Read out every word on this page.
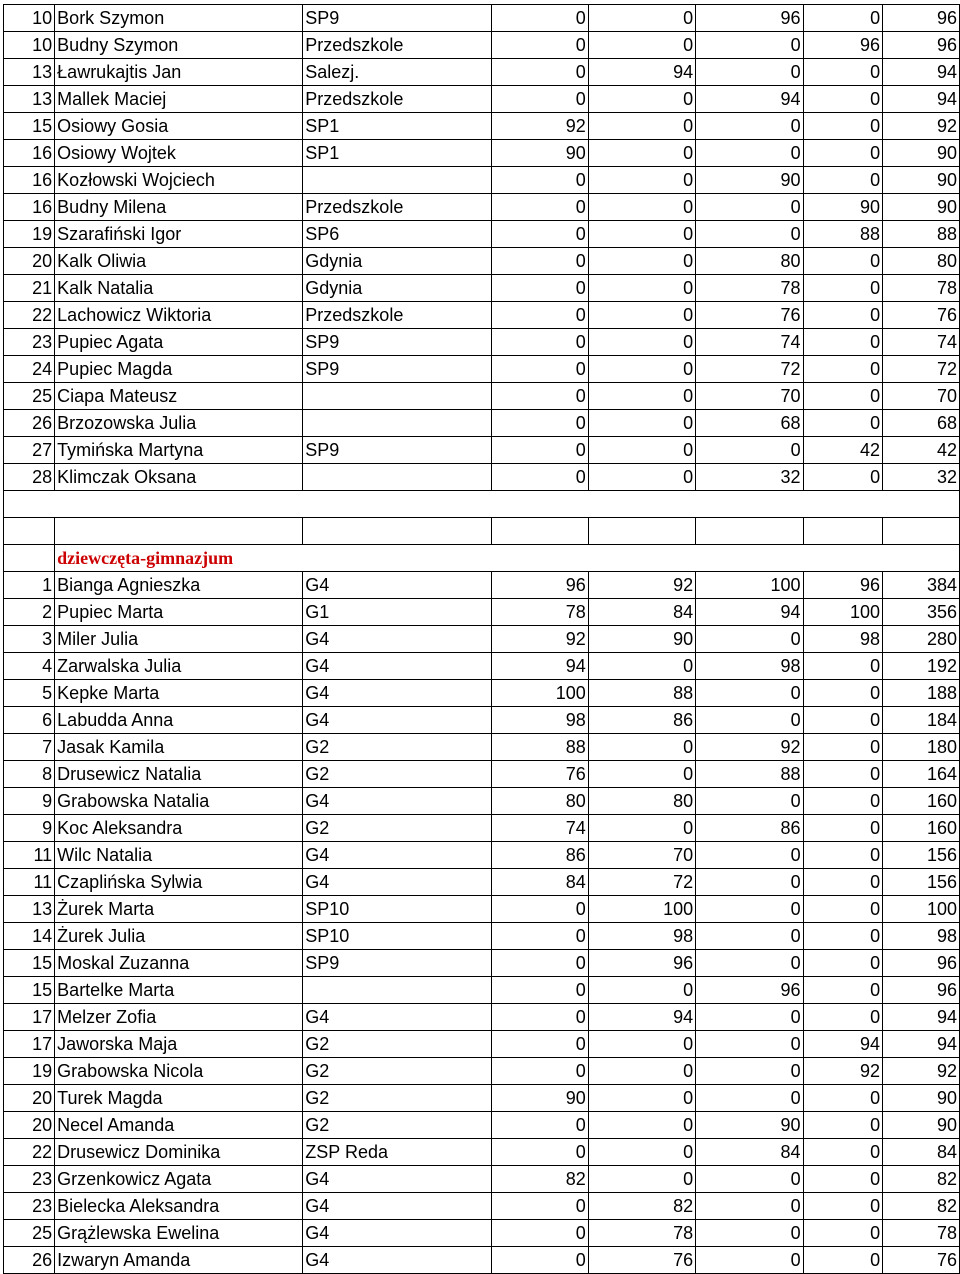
10	Bork Szymon	SP9	0	0	96	0	96
10	Budny Szymon	Przedszkole	0	0	0	96	96
13	Ławrukajtis Jan	Salezj.	0	94	0	0	94
13	Mallek Maciej	Przedszkole	0	0	94	0	94
15	Osiowy Gosia	SP1	92	0	0	0	92
16	Osiowy Wojtek	SP1	90	0	0	0	90
16	Kozłowski Wojciech		0	0	90	0	90
16	Budny Milena	Przedszkole	0	0	0	90	90
19	Szarafiński Igor	SP6	0	0	0	88	88
20	Kalk Oliwia	Gdynia	0	0	80	0	80
21	Kalk Natalia	Gdynia	0	0	78	0	78
22	Lachowicz Wiktoria	Przedszkole	0	0	76	0	76
23	Pupiec Agata	SP9	0	0	74	0	74
24	Pupiec Magda	SP9	0	0	72	0	72
25	Ciapa Mateusz		0	0	70	0	70
26	Brzozowska Julia		0	0	68	0	68
27	Tymińska Martyna	SP9	0	0	0	42	42
28	Klimczak Oksana		0	0	32	0	32

	dziewczęta-gimnazjum						
1	Bianga Agnieszka	G4	96	92	100	96	384
2	Pupiec Marta	G1	78	84	94	100	356
3	Miler Julia	G4	92	90	0	98	280
4	Zarwalska Julia	G4	94	0	98	0	192
5	Kepke Marta	G4	100	88	0	0	188
6	Labudda Anna	G4	98	86	0	0	184
7	Jasak Kamila	G2	88	0	92	0	180
8	Drusewicz Natalia	G2	76	0	88	0	164
9	Grabowska Natalia	G4	80	80	0	0	160
9	Koc Aleksandra	G2	74	0	86	0	160
11	Wilc Natalia	G4	86	70	0	0	156
11	Czaplińska Sylwia	G4	84	72	0	0	156
13	Żurek Marta	SP10	0	100	0	0	100
14	Żurek Julia	SP10	0	98	0	0	98
15	Moskal Zuzanna	SP9	0	96	0	0	96
15	Bartelke Marta		0	0	96	0	96
17	Melzer Zofia	G4	0	94	0	0	94
17	Jaworska Maja	G2	0	0	0	94	94
19	Grabowska Nicola	G2	0	0	0	92	92
20	Turek Magda	G2	90	0	0	0	90
20	Necel Amanda	G2	0	0	90	0	90
22	Drusewicz Dominika	ZSP Reda	0	0	84	0	84
23	Grzenkowicz Agata	G4	82	0	0	0	82
23	Bielecka Aleksandra	G4	0	82	0	0	82
25	Grążlewska Ewelina	G4	0	78	0	0	78
26	Izwaryn Amanda	G4	0	76	0	0	76
